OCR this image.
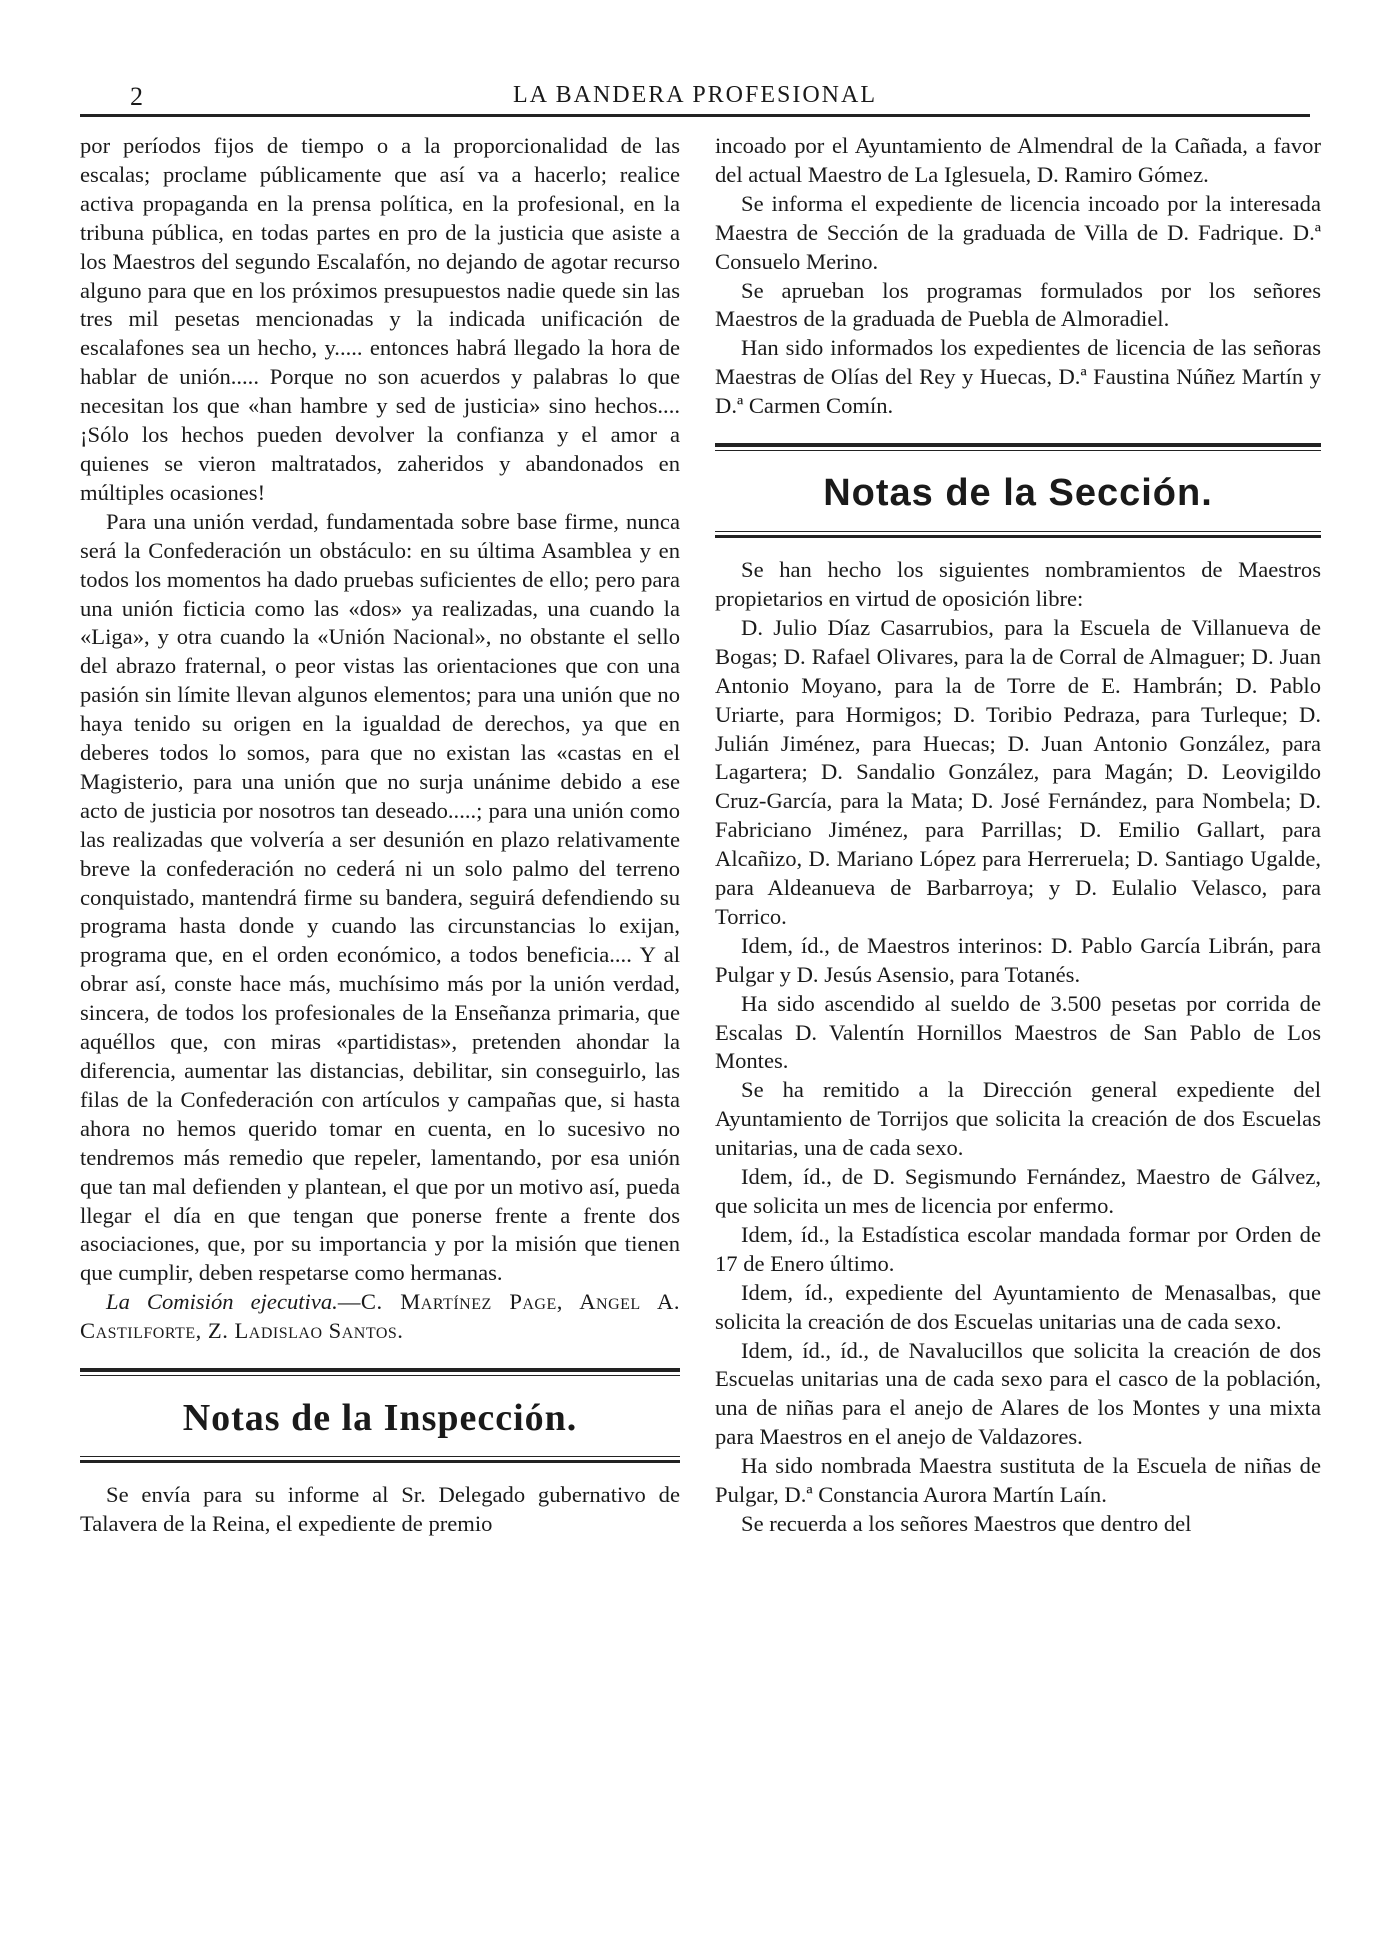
2	LA BANDERA PROFESIONAL

por períodos fijos de tiempo o a la proporcionalidad de las escalas; proclame públicamente que así va a hacerlo; realice activa propaganda en la prensa política, en la profesional, en la tribuna pública, en todas partes en pro de la justicia que asiste a los Maestros del segundo Escalafón, no dejando de agotar recurso alguno para que en los próximos presupuestos nadie quede sin las tres mil pesetas mencionadas y la indicada unificación de escalafones sea un hecho, y..... entonces habrá llegado la hora de hablar de unión..... Porque no son acuerdos y palabras lo que necesitan los que «han hambre y sed de justicia» sino hechos.... ¡Sólo los hechos pueden devolver la confianza y el amor a quienes se vieron maltratados, zaheridos y abandonados en múltiples ocasiones!

Para una unión verdad, fundamentada sobre base firme, nunca será la Confederación un obstáculo: en su última Asamblea y en todos los momentos ha dado pruebas suficientes de ello; pero para una unión ficticia como las «dos» ya realizadas, una cuando la «Liga», y otra cuando la «Unión Nacional», no obstante el sello del abrazo fraternal, o peor vistas las orientaciones que con una pasión sin límite llevan algunos elementos; para una unión que no haya tenido su origen en la igualdad de derechos, ya que en deberes todos lo somos, para que no existan las «castas en el Magisterio, para una unión que no surja unánime debido a ese acto de justicia por nosotros tan deseado.....; para una unión como las realizadas que volvería a ser desunión en plazo relativamente breve la confederación no cederá ni un solo palmo del terreno conquistado, mantendrá firme su bandera, seguirá defendiendo su programa hasta donde y cuando las circunstancias lo exijan, programa que, en el orden económico, a todos beneficia.... Y al obrar así, conste hace más, muchísimo más por la unión verdad, sincera, de todos los profesionales de la Enseñanza primaria, que aquéllos que, con miras «partidistas», pretenden ahondar la diferencia, aumentar las distancias, debilitar, sin conseguirlo, las filas de la Confederación con artículos y campañas que, si hasta ahora no hemos querido tomar en cuenta, en lo sucesivo no tendremos más remedio que repeler, lamentando, por esa unión que tan mal defienden y plantean, el que por un motivo así, pueda llegar el día en que tengan que ponerse frente a frente dos asociaciones, que, por su importancia y por la misión que tienen que cumplir, deben respetarse como hermanas.

La Comisión ejecutiva.—C. Martínez Page, Angel A. Castilforte, Z. Ladislao Santos.

Notas de la Inspección.

Se envía para su informe al Sr. Delegado gubernativo de Talavera de la Reina, el expediente de premio

incoado por el Ayuntamiento de Almendral de la Cañada, a favor del actual Maestro de La Iglesuela, D. Ramiro Gómez.

Se informa el expediente de licencia incoado por la interesada Maestra de Sección de la graduada de Villa de D. Fadrique. D.ª Consuelo Merino.

Se aprueban los programas formulados por los señores Maestros de la graduada de Puebla de Almoradiel.

Han sido informados los expedientes de licencia de las señoras Maestras de Olías del Rey y Huecas, D.ª Faustina Núñez Martín y D.ª Carmen Comín.

Notas de la Sección.

Se han hecho los siguientes nombramientos de Maestros propietarios en virtud de oposición libre:

D. Julio Díaz Casarrubios, para la Escuela de Villanueva de Bogas; D. Rafael Olivares, para la de Corral de Almaguer; D. Juan Antonio Moyano, para la de Torre de E. Hambrán; D. Pablo Uriarte, para Hormigos; D. Toribio Pedraza, para Turleque; D. Julián Jiménez, para Huecas; D. Juan Antonio González, para Lagartera; D. Sandalio González, para Magán; D. Leovigildo Cruz-García, para la Mata; D. José Fernández, para Nombela; D. Fabriciano Jiménez, para Parrillas; D. Emilio Gallart, para Alcañizo, D. Mariano López para Herreruela; D. Santiago Ugalde, para Aldeanueva de Barbarroya; y D. Eulalio Velasco, para Torrico.

Idem, íd., de Maestros interinos: D. Pablo García Librán, para Pulgar y D. Jesús Asensio, para Totanés.

Ha sido ascendido al sueldo de 3.500 pesetas por corrida de Escalas D. Valentín Hornillos Maestros de San Pablo de Los Montes.

Se ha remitido a la Dirección general expediente del Ayuntamiento de Torrijos que solicita la creación de dos Escuelas unitarias, una de cada sexo.

Idem, íd., de D. Segismundo Fernández, Maestro de Gálvez, que solicita un mes de licencia por enfermo.

Idem, íd., la Estadística escolar mandada formar por Orden de 17 de Enero último.

Idem, íd., expediente del Ayuntamiento de Menasalbas, que solicita la creación de dos Escuelas unitarias una de cada sexo.

Idem, íd., íd., de Navalucillos que solicita la creación de dos Escuelas unitarias una de cada sexo para el casco de la población, una de niñas para el anejo de Alares de los Montes y una mixta para Maestros en el anejo de Valdazores.

Ha sido nombrada Maestra sustituta de la Escuela de niñas de Pulgar, D.ª Constancia Aurora Martín Laín.

Se recuerda a los señores Maestros que dentro del
